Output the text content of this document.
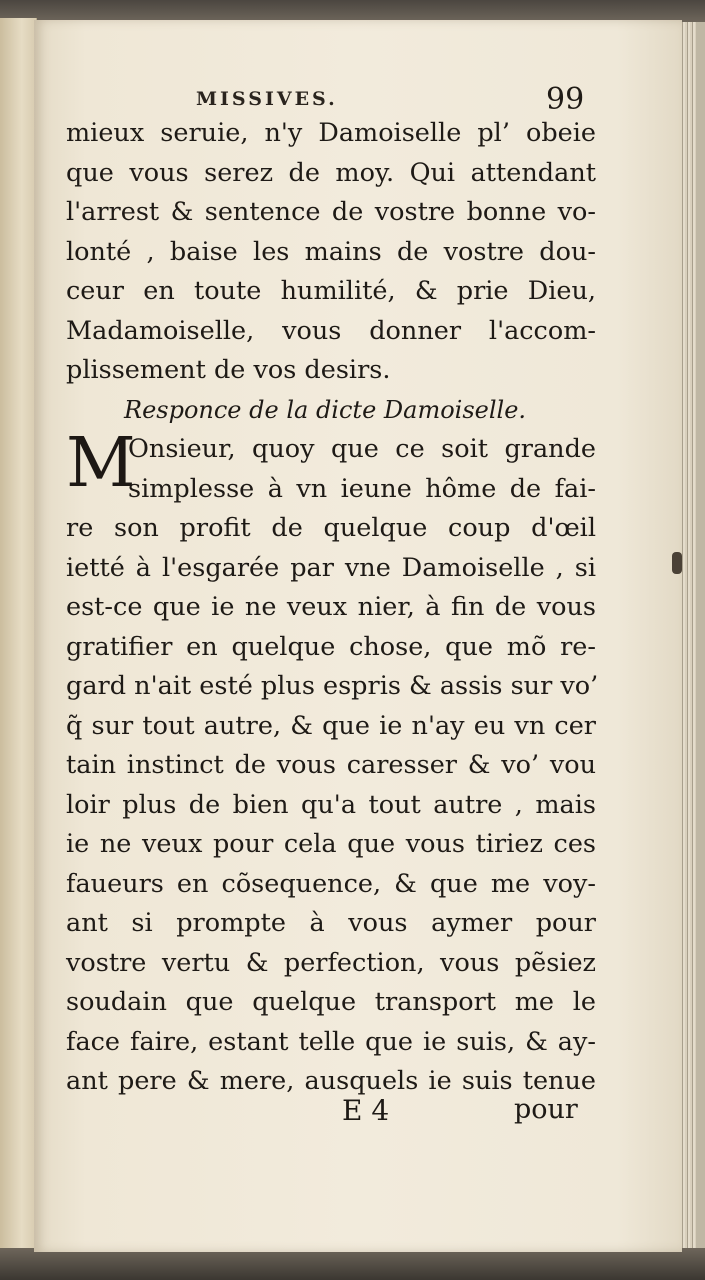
MISSIVES.	99
mieux seruie, n'y Damoiselle pl’ obeie
que vous serez de moy. Qui attendant
l'arrest & sentence de vostre bonne vo-
lonté , baise les mains de vostre dou-
ceur en toute humilité, & prie Dieu,
Madamoiselle, vous donner l'accom-
plissement de vos desirs.
Responce de la dicte Damoiselle.
Onsieur, quoy que ce soit grande
simplesse à vn ieune hôme de fai-
re son profit de quelque coup d'œil
ietté à l'esgarée par vne Damoiselle , si
est-ce que ie ne veux nier, à fin de vous
gratifier en quelque chose, que mõ re-
gard n'ait esté plus espris & assis sur vo’
q̃ sur tout autre, & que ie n'ay eu vn cer
tain instinct de vous caresser & vo’ vou
loir plus de bien qu'a tout autre , mais
ie ne veux pour cela que vous tiriez ces
faueurs en cõsequence, & que me voy-
ant si prompte à vous aymer pour
vostre vertu & perfection, vous pẽsiez
soudain que quelque transport me le
face faire, estant telle que ie suis, & ay-
ant pere & mere, ausquels ie suis tenue
M
E 4	pour
